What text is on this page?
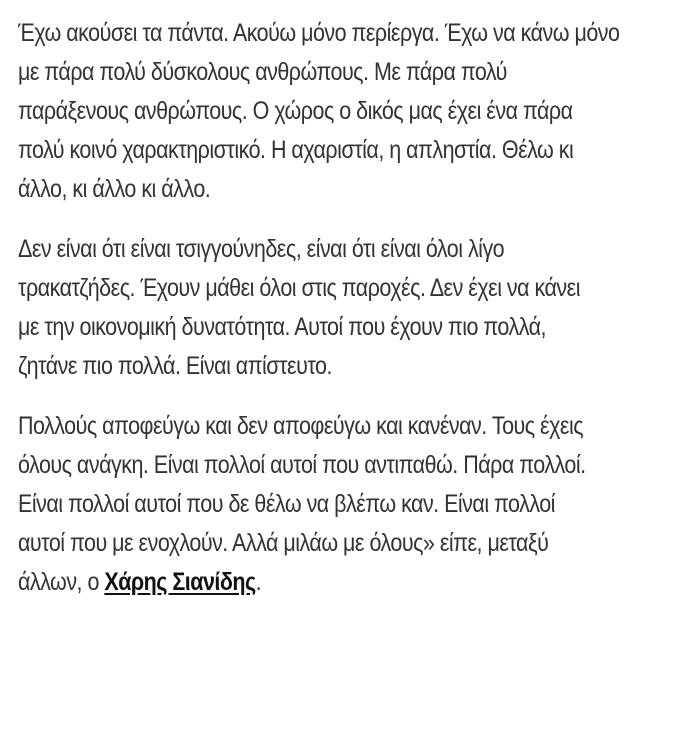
Έχω ακούσει τα πάντα. Ακούω μόνο περίεργα. Έχω να κάνω μόνο
με πάρα πολύ δύσκολους ανθρώπους. Με πάρα πολύ
παράξενους ανθρώπους. Ο χώρος ο δικός μας έχει ένα πάρα
πολύ κοινό χαρακτηριστικό. Η αχαριστία, η απληστία. Θέλω κι
άλλο, κι άλλο κι άλλο.

Δεν είναι ότι είναι τσιγγούνηδες, είναι ότι είναι όλοι λίγο
τρακατζήδες. Έχουν μάθει όλοι στις παροχές. Δεν έχει να κάνει
με την οικονομική δυνατότητα. Αυτοί που έχουν πιο πολλά,
ζητάνε πιο πολλά. Είναι απίστευτο.

Πολλούς αποφεύγω και δεν αποφεύγω και κανέναν. Τους έχεις
όλους ανάγκη. Είναι πολλοί αυτοί που αντιπαθώ. Πάρα πολλοί.
Είναι πολλοί αυτοί που δε θέλω να βλέπω καν. Είναι πολλοί
αυτοί που με ενοχλούν. Αλλά μιλάω με όλους» είπε, μεταξύ
άλλων, ο Χάρης Σιανίδης.
